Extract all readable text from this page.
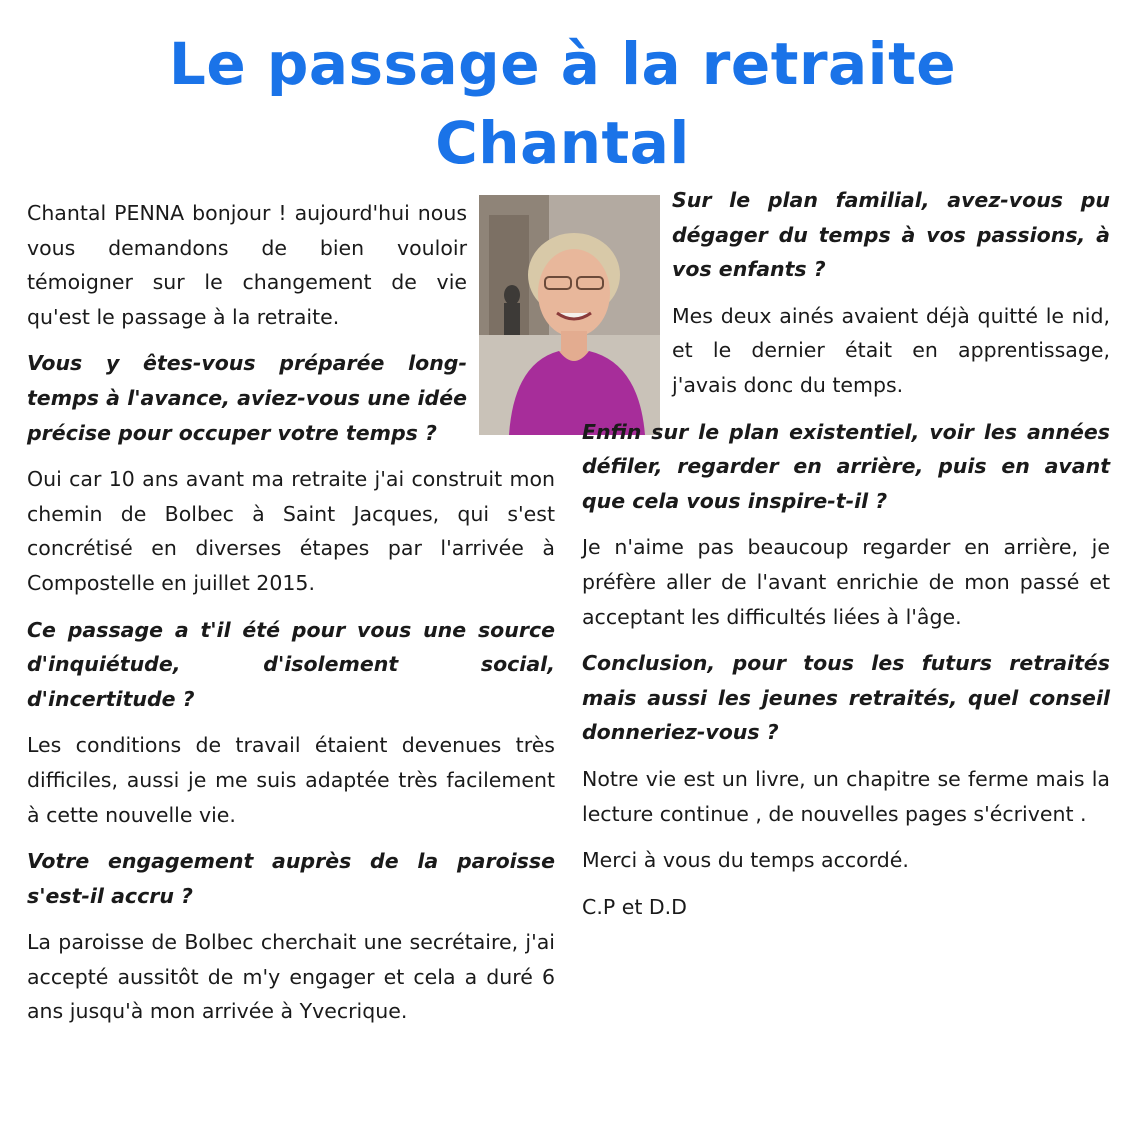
Le passage à la retraite
Chantal

Chantal PENNA bonjour ! aujourd'hui nous vous demandons de bien vouloir témoigner sur le changement de vie qu'est le passage à la retraite.

Vous y êtes-vous préparée long-temps à l'avance, aviez-vous une idée précise pour occuper votre temps ?

Oui car 10 ans avant ma retraite j'ai construit mon chemin de Bolbec à Saint Jacques, qui s'est concrétisé en diverses étapes par l'arrivée à Compostelle en juillet 2015.

Ce passage a t'il été pour vous une source d'inquiétude, d'isolement social, d'incertitude ?

Les conditions de travail étaient devenues très difficiles, aussi je me suis adaptée très facilement à cette nouvelle vie.

Votre engagement auprès de la paroisse s'est-il accru ?

La paroisse de Bolbec cherchait une secrétaire, j'ai accepté aussitôt de m'y engager et cela a duré 6 ans jusqu'à mon arrivée à Yvecrique.

Sur le plan familial, avez-vous pu dégager du temps à vos passions, à vos enfants ?

Mes deux ainés avaient déjà quitté le nid, et le dernier était en apprentissage, j'avais donc du temps.

Enfin sur le plan existentiel, voir les années défiler, regarder en arrière, puis en avant que cela vous inspire-t-il ?

Je n'aime pas beaucoup regarder en arrière, je préfère aller de l'avant enrichie de mon passé et acceptant les difficultés liées à l'âge.

Conclusion, pour tous les futurs retraités mais aussi les jeunes retraités, quel conseil donneriez-vous ?

Notre vie est un livre, un chapitre se ferme mais la lecture continue , de nouvelles pages s'écrivent .

Merci à vous du temps accordé.

C.P et D.D
